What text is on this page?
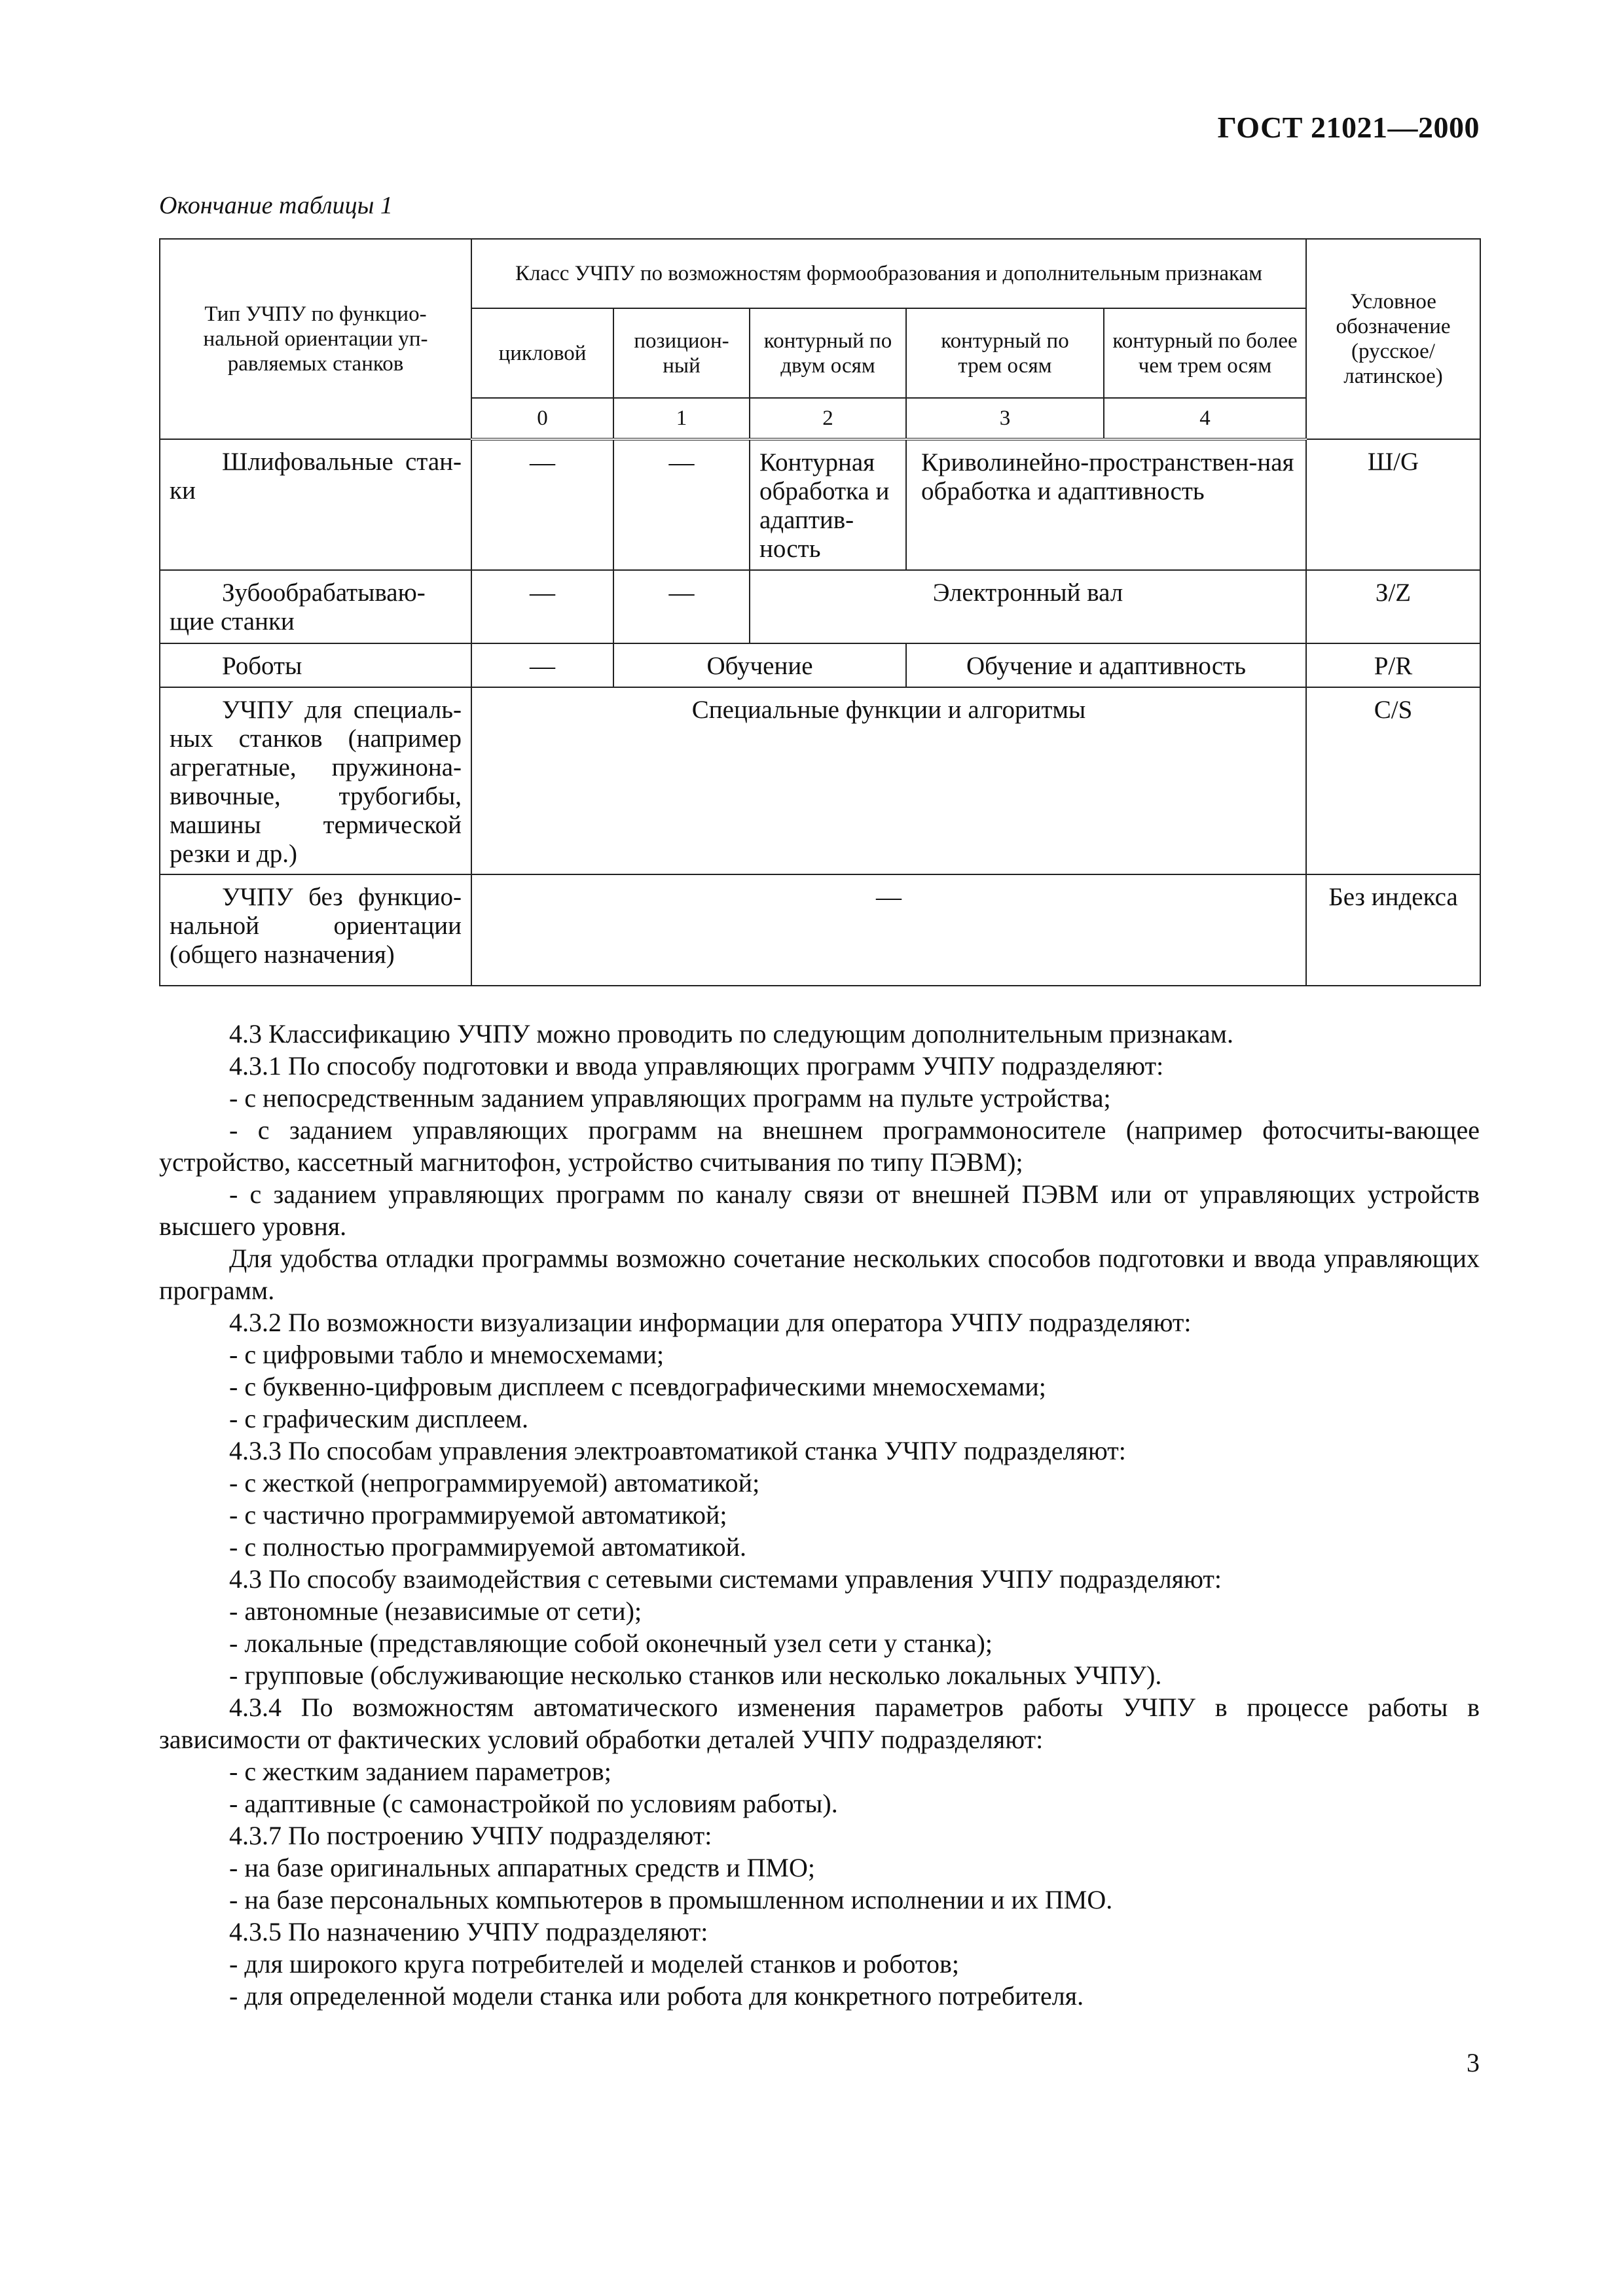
ГОСТ 21021—2000
Окончание таблицы 1
Тип УЧПУ по функцио-нальной ориентации уп-равляемых станков	Класс УЧПУ по возможностям формообразования и дополнительным признакам					Условное обозначение (русское/ латинское)
	цикловой	позицион-ный	контурный по двум осям	контурный по трем осям	контурный по более чем трем осям	
	0	1	2	3	4	

Шлифовальные стан-ки	—	—	Контурная обработка и адаптив-ность	Криволинейно-пространствен-ная обработка и адаптивность		Ш/G

Зубообрабатываю-щие станки	—	—	Электронный вал			З/Z

Роботы	—	Обучение		Обучение и адаптивность		P/R

УЧПУ для специаль-ных станков (например агрегатные, пружинона-вивочные, трубогибы, машины термической резки и др.)	Специальные функции и алгоритмы					C/S

УЧПУ без функцио-нальной ориентации (общего назначения)	—					Без индекса

4.3 Классификацию УЧПУ можно проводить по следующим дополнительным признакам.

4.3.1 По способу подготовки и ввода управляющих программ УЧПУ подразделяют:

- с непосредственным заданием управляющих программ на пульте устройства;

- с заданием управляющих программ на внешнем программоносителе (например фотосчиты-вающее устройство, кассетный магнитофон, устройство считывания по типу ПЭВМ);

- с заданием управляющих программ по каналу связи от внешней ПЭВМ или от управляющих устройств высшего уровня.

Для удобства отладки программы возможно сочетание нескольких способов подготовки и ввода управляющих программ.

4.3.2 По возможности визуализации информации для оператора УЧПУ подразделяют:

- с цифровыми табло и мнемосхемами;

- с буквенно-цифровым дисплеем с псевдографическими мнемосхемами;

- с графическим дисплеем.

4.3.3 По способам управления электроавтоматикой станка УЧПУ подразделяют:

- с жесткой (непрограммируемой) автоматикой;

- с частично программируемой автоматикой;

- с полностью программируемой автоматикой.

4.3 По способу взаимодействия с сетевыми системами управления УЧПУ подразделяют:

- автономные (независимые от сети);

- локальные (представляющие собой оконечный узел сети у станка);

- групповые (обслуживающие несколько станков или несколько локальных УЧПУ).

4.3.4 По возможностям автоматического изменения параметров работы УЧПУ в процессе работы в зависимости от фактических условий обработки деталей УЧПУ подразделяют:

- с жестким заданием параметров;

- адаптивные (с самонастройкой по условиям работы).

4.3.7 По построению УЧПУ подразделяют:

- на базе оригинальных аппаратных средств и ПМО;

- на базе персональных компьютеров в промышленном исполнении и их ПМО.

4.3.5 По назначению УЧПУ подразделяют:

- для широкого круга потребителей и моделей станков и роботов;

- для определенной модели станка или робота для конкретного потребителя.

3
